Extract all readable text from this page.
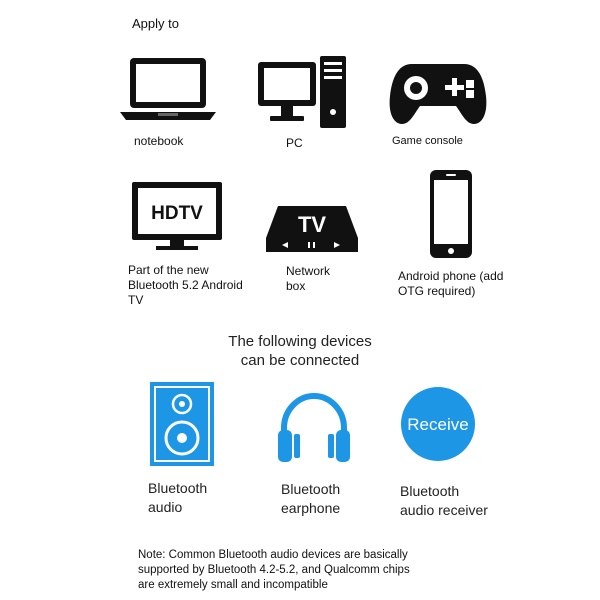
Apply to
notebook	PC	Game console
HDTV
Part of the new
Bluetooth 5.2 Android
TV
TV
Network
box
Android phone (add
OTG required)
The following devices
can be connected
Bluetooth
audio
Bluetooth
earphone
Receive
Bluetooth
audio receiver
Note: Common Bluetooth audio devices are basically
supported by Bluetooth 4.2-5.2, and Qualcomm chips
are extremely small and incompatible
